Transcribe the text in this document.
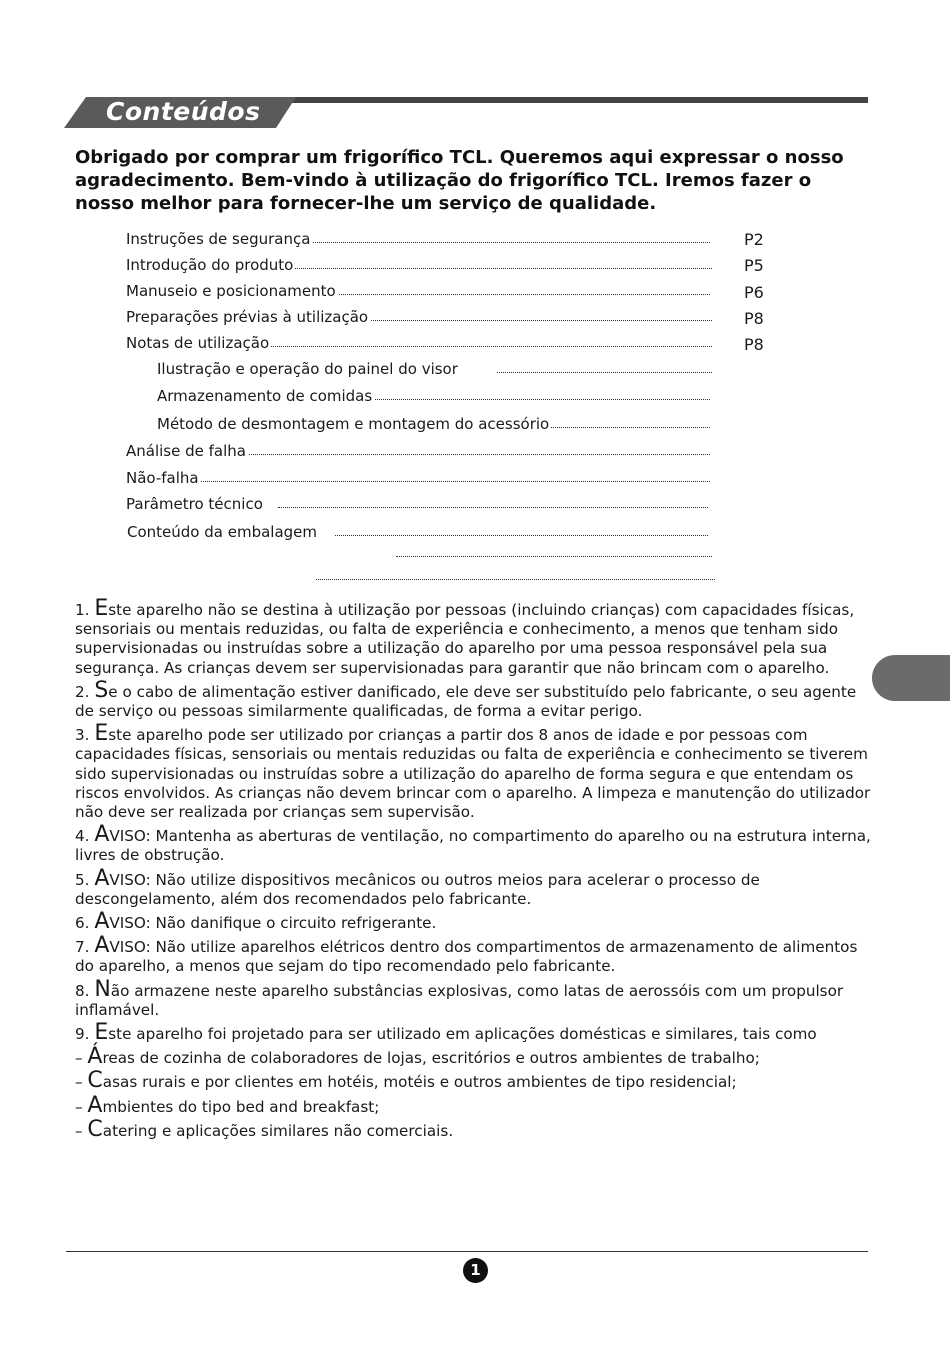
Conteúdos
Obrigado por comprar um frigorífico TCL. Queremos aqui expressar o nosso agradecimento. Bem-vindo à utilização do frigorífico TCL. Iremos fazer o nosso melhor para fornecer-lhe um serviço de qualidade.
Instruções de segurança	P2
Introdução do produto	P5
Manuseio e posicionamento	P6
Preparações prévias à utilização	P8
Notas de utilização	P8
Ilustração e operação do painel do visor
Armazenamento de comidas
Método de desmontagem e montagem do acessório
Análise de falha
Não-falha
Parâmetro técnico
Conteúdo da embalagem

1. Este aparelho não se destina à utilização por pessoas (incluindo crianças) com capacidades físicas, sensoriais ou mentais reduzidas, ou falta de experiência e conhecimento, a menos que tenham sido supervisionadas ou instruídas sobre a utilização do aparelho por uma pessoa responsável pela sua segurança. As crianças devem ser supervisionadas para garantir que não brincam com o aparelho.

2. Se o cabo de alimentação estiver danificado, ele deve ser substituído pelo fabricante, o seu agente de serviço ou pessoas similarmente qualificadas, de forma a evitar perigo.

3. Este aparelho pode ser utilizado por crianças a partir dos 8 anos de idade e por pessoas com capacidades físicas, sensoriais ou mentais reduzidas ou falta de experiência e conhecimento se tiverem sido supervisionadas ou instruídas sobre a utilização do aparelho de forma segura e que entendam os riscos envolvidos. As crianças não devem brincar com o aparelho. A limpeza e manutenção do utilizador não deve ser realizada por crianças sem supervisão.

4. AVISO: Mantenha as aberturas de ventilação, no compartimento do aparelho ou na estrutura interna, livres de obstrução.

5. AVISO: Não utilize dispositivos mecânicos ou outros meios para acelerar o processo de descongelamento, além dos recomendados pelo fabricante.

6. AVISO: Não danifique o circuito refrigerante.

7. AVISO: Não utilize aparelhos elétricos dentro dos compartimentos de armazenamento de alimentos do aparelho, a menos que sejam do tipo recomendado pelo fabricante.

8. Não armazene neste aparelho substâncias explosivas, como latas de aerossóis com um propulsor inflamável.

9. Este aparelho foi projetado para ser utilizado em aplicações domésticas e similares, tais como

– Áreas de cozinha de colaboradores de lojas, escritórios e outros ambientes de trabalho;

– Casas rurais e por clientes em hotéis, motéis e outros ambientes de tipo residencial;

– Ambientes do tipo bed and breakfast;

– Catering e aplicações similares não comerciais.

1
